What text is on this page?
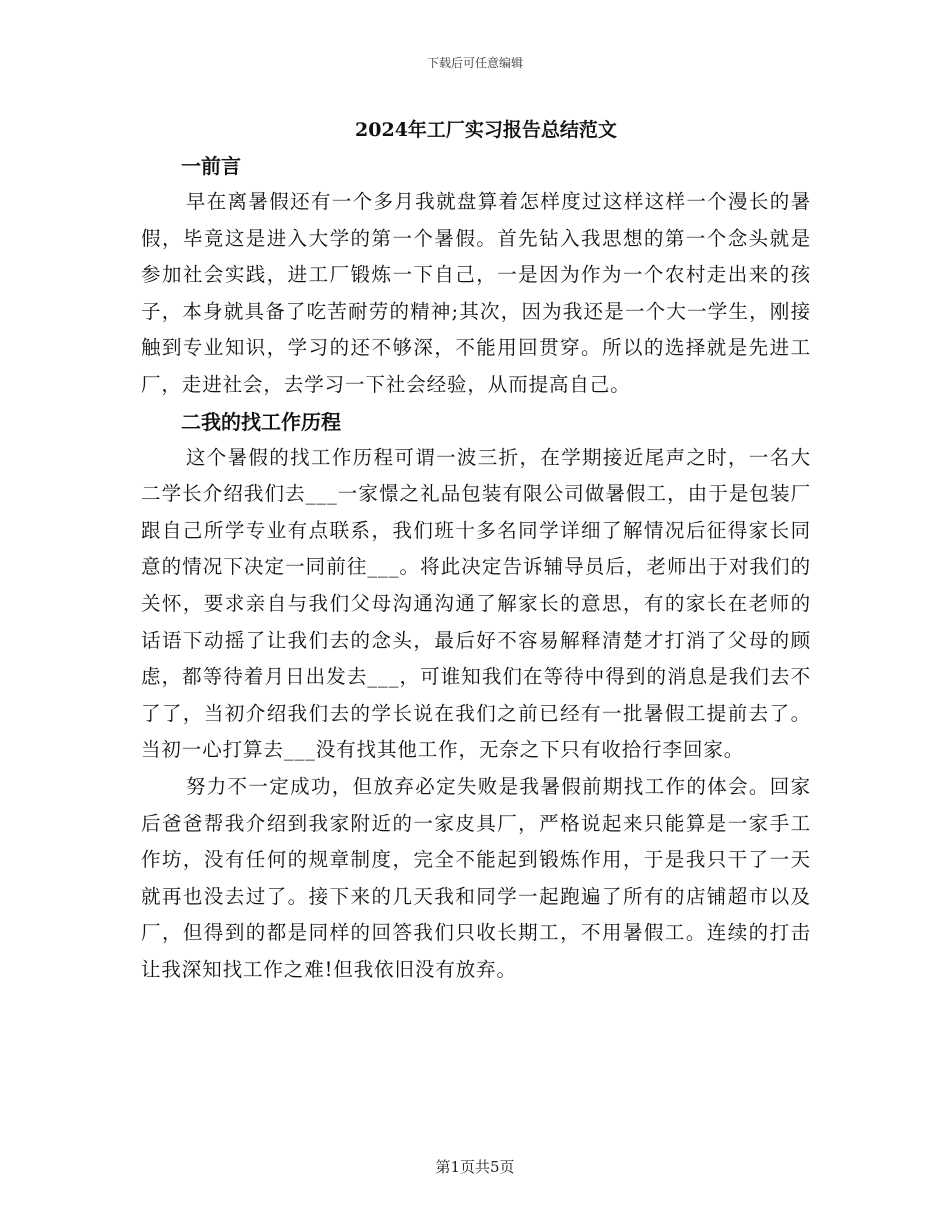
下载后可任意编辑
2024年工厂实习报告总结范文
一前言

早在离暑假还有一个多月我就盘算着怎样度过这样这样一个漫长的暑假，毕竟这是进入大学的第一个暑假。首先钻入我思想的第一个念头就是参加社会实践，进工厂锻炼一下自己，一是因为作为一个农村走出来的孩子，本身就具备了吃苦耐劳的精神;其次，因为我还是一个大一学生，刚接触到专业知识，学习的还不够深，不能用回贯穿。所以的选择就是先进工厂，走进社会，去学习一下社会经验，从而提高自己。

二我的找工作历程

这个暑假的找工作历程可谓一波三折，在学期接近尾声之时，一名大二学长介绍我们去___一家憬之礼品包装有限公司做暑假工，由于是包装厂跟自己所学专业有点联系，我们班十多名同学详细了解情况后征得家长同意的情况下决定一同前往___。将此决定告诉辅导员后，老师出于对我们的关怀，要求亲自与我们父母沟通沟通了解家长的意思，有的家长在老师的话语下动摇了让我们去的念头，最后好不容易解释清楚才打消了父母的顾虑，都等待着月日出发去___，可谁知我们在等待中得到的消息是我们去不了了，当初介绍我们去的学长说在我们之前已经有一批暑假工提前去了。当初一心打算去___没有找其他工作，无奈之下只有收拾行李回家。

努力不一定成功，但放弃必定失败是我暑假前期找工作的体会。回家后爸爸帮我介绍到我家附近的一家皮具厂，严格说起来只能算是一家手工作坊，没有任何的规章制度，完全不能起到锻炼作用，于是我只干了一天就再也没去过了。接下来的几天我和同学一起跑遍了所有的店铺超市以及厂，但得到的都是同样的回答我们只收长期工，不用暑假工。连续的打击让我深知找工作之难!但我依旧没有放弃。

第1页共5页
